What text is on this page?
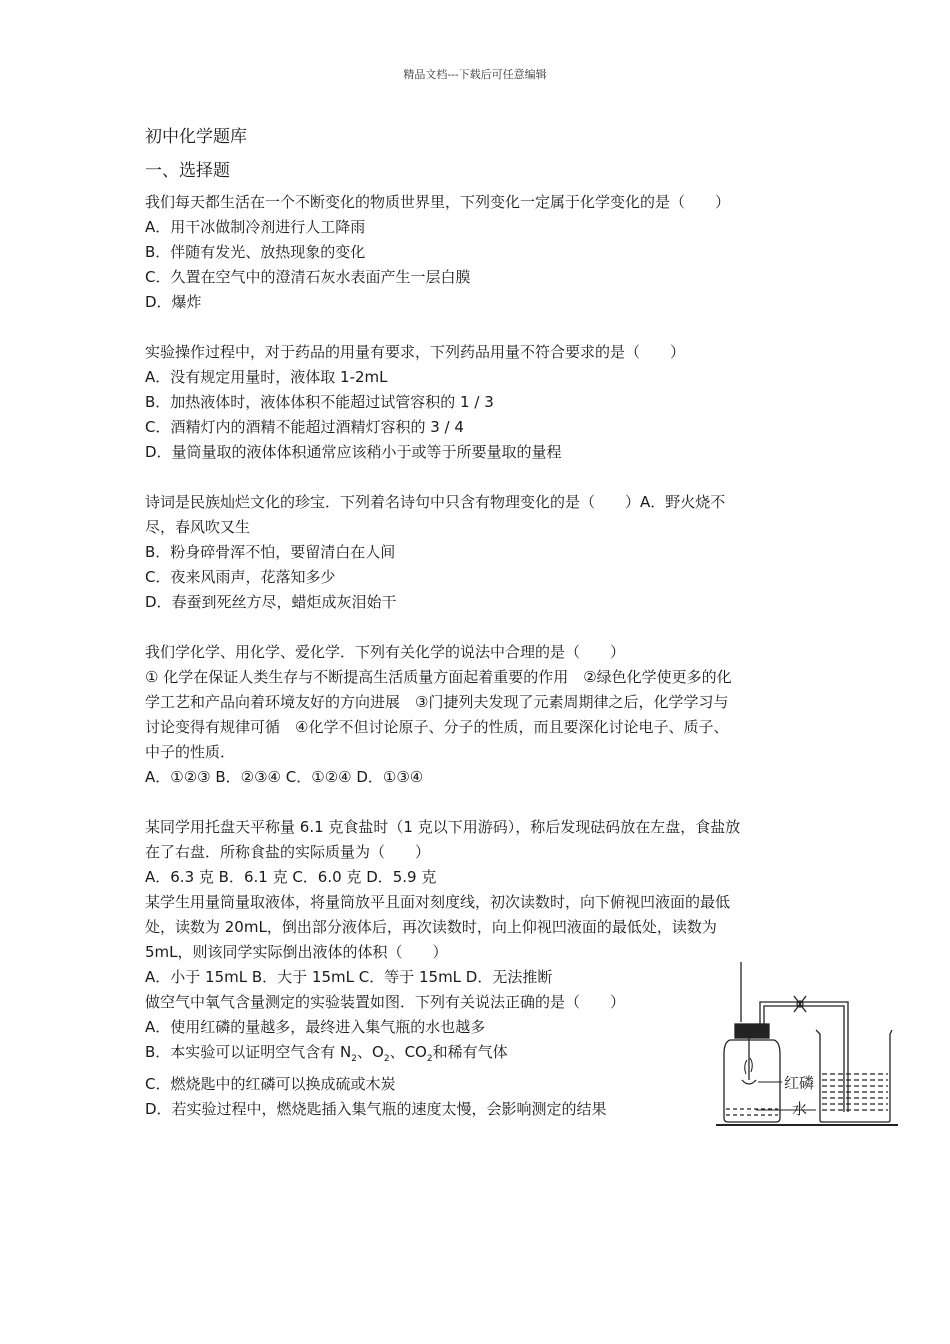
精品文档---下载后可任意编辑

初中化学题库

一、选择题

我们每天都生活在一个不断变化的物质世界里，下列变化一定属于化学变化的是（　　）

A．用干冰做制冷剂进行人工降雨

B．伴随有发光、放热现象的变化

C．久置在空气中的澄清石灰水表面产生一层白膜

D．爆炸

实验操作过程中，对于药品的用量有要求，下列药品用量不符合要求的是（　　）

A．没有规定用量时，液体取 1-2mL

B．加热液体时，液体体积不能超过试管容积的 1 / 3

C．酒精灯内的酒精不能超过酒精灯容积的 3 / 4

D．量筒量取的液体体积通常应该稍小于或等于所要量取的量程

诗词是民族灿烂文化的珍宝．下列着名诗句中只含有物理变化的是（　　）A．野火烧不

尽，春风吹又生

B．粉身碎骨浑不怕，要留清白在人间

C．夜来风雨声，花落知多少

D．春蚕到死丝方尽，蜡炬成灰泪始干

我们学化学、用化学、爱化学．下列有关化学的说法中合理的是（　　）

① 化学在保证人类生存与不断提高生活质量方面起着重要的作用　②绿色化学使更多的化

学工艺和产品向着环境友好的方向进展　③门捷列夫发现了元素周期律之后，化学学习与

讨论变得有规律可循　④化学不但讨论原子、分子的性质，而且要深化讨论电子、质子、

中子的性质．

A．①②③ B．②③④ C．①②④ D．①③④

某同学用托盘天平称量 6.1 克食盐时（1 克以下用游码），称后发现砝码放在左盘，食盐放

在了右盘．所称食盐的实际质量为（　　）

A．6.3 克 B．6.1 克 C．6.0 克 D．5.9 克

某学生用量筒量取液体，将量筒放平且面对刻度线，初次读数时，向下俯视凹液面的最低

处，读数为 20mL，倒出部分液体后，再次读数时，向上仰视凹液面的最低处，读数为

5mL，则该同学实际倒出液体的体积（　　）

A．小于 15mL B．大于 15mL C．等于 15mL D．无法推断

做空气中氧气含量测定的实验装置如图．下列有关说法正确的是（　　）

A．使用红磷的量越多，最终进入集气瓶的水也越多

B．本实验可以证明空气含有 $N_2$、$O_2$、$CO_2$和稀有气体

C．燃烧匙中的红磷可以换成硫或木炭

D．若实验过程中，燃烧匙插入集气瓶的速度太慢，会影响测定的结果

红磷
水
